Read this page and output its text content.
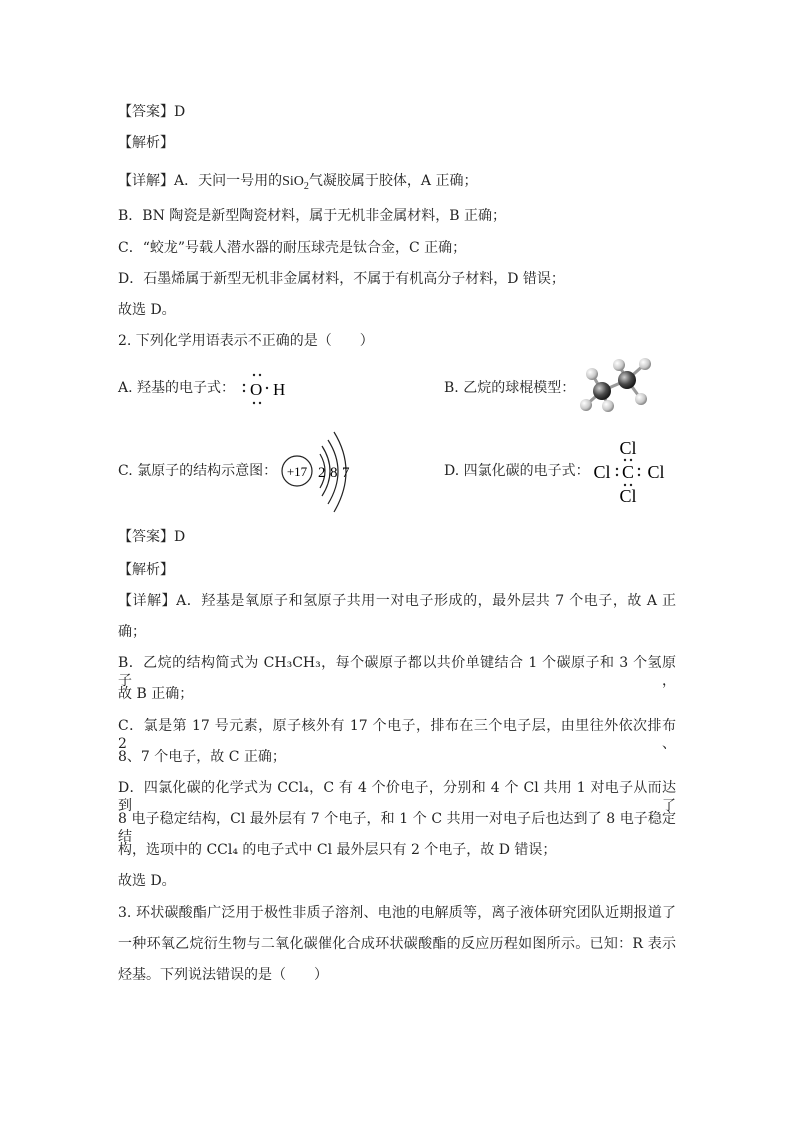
【答案】D
【解析】
【详解】A．天问一号用的SiO$_2$气凝胶属于胶体，A 正确；
B．BN 陶瓷是新型陶瓷材料，属于无机非金属材料，B 正确；
C．“蛟龙”号载人潜水器的耐压球壳是钛合金，C 正确；
D．石墨烯属于新型无机非金属材料，不属于有机高分子材料，D 错误；
故选 D。
2. 下列化学用语表示不正确的是（　　）
A. 羟基的电子式： O H	B. 乙烷的球棍模型：
C. 氯原子的结构示意图： +17 2 8 7	D. 四氯化碳的电子式：
Cl
Cl C Cl
Cl
【答案】D
【解析】
【详解】A．羟基是氧原子和氢原子共用一对电子形成的，最外层共 7 个电子，故 A 正
确；
B．乙烷的结构简式为 CH₃CH₃，每个碳原子都以共价单键结合 1 个碳原子和 3 个氢原子，
故 B 正确；
C．氯是第 17 号元素，原子核外有 17 个电子，排布在三个电子层，由里往外依次排布 2、
8、7 个电子，故 C 正确；
D．四氯化碳的化学式为 CCl₄，C 有 4 个价电子，分别和 4 个 Cl 共用 1 对电子从而达到了
8 电子稳定结构，Cl 最外层有 7 个电子，和 1 个 C 共用一对电子后也达到了 8 电子稳定结
构，选项中的 CCl₄ 的电子式中 Cl 最外层只有 2 个电子，故 D 错误；
故选 D。
3. 环状碳酸酯广泛用于极性非质子溶剂、电池的电解质等，离子液体研究团队近期报道了
一种环氧乙烷衍生物与二氧化碳催化合成环状碳酸酯的反应历程如图所示。已知：R 表示
烃基。下列说法错误的是（　　）
